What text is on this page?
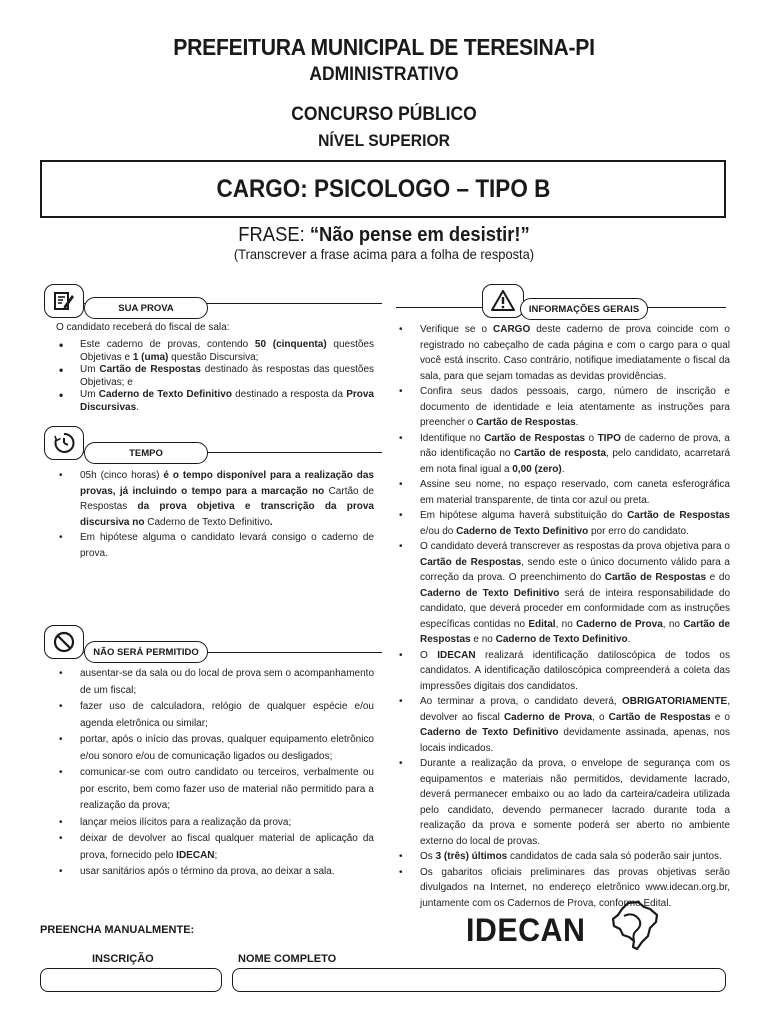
PREFEITURA MUNICIPAL DE TERESINA-PI
ADMINISTRATIVO
CONCURSO PÚBLICO
NÍVEL SUPERIOR
CARGO: PSICOLOGO – TIPO B
FRASE: “Não pense em desistir!”
(Transcrever a frase acima para a folha de resposta)
SUA PROVA
O candidato receberá do fiscal de sala:
• Este caderno de provas, contendo 50 (cinquenta) questões Objetivas e 1 (uma) questão Discursiva;
• Um Cartão de Respostas destinado às respostas das questões Objetivas; e
• Um Caderno de Texto Definitivo destinado a resposta da Prova Discursivas.
TEMPO
• 05h (cinco horas) é o tempo disponível para a realização das provas, já incluindo o tempo para a marcação no Cartão de Respostas da prova objetiva e transcrição da prova discursiva no Caderno de Texto Definitivo.
• Em hipótese alguma o candidato levará consigo o caderno de prova.
NÃO SERÁ PERMITIDO
• ausentar-se da sala ou do local de prova sem o acompanhamento de um fiscal;
• fazer uso de calculadora, relógio de qualquer espécie e/ou agenda eletrônica ou similar;
• portar, após o início das provas, qualquer equipamento eletrônico e/ou sonoro e/ou de comunicação ligados ou desligados;
• comunicar-se com outro candidato ou terceiros, verbalmente ou por escrito, bem como fazer uso de material não permitido para a realização da prova;
• lançar meios ilícitos para a realização da prova;
• deixar de devolver ao fiscal qualquer material de aplicação da prova, fornecido pelo IDECAN;
• usar sanitários após o término da prova, ao deixar a sala.
INFORMAÇÕES GERAIS
• Verifique se o CARGO deste caderno de prova coincide com o registrado no cabeçalho de cada página e com o cargo para o qual você está inscrito. Caso contrário, notifique imediatamente o fiscal da sala, para que sejam tomadas as devidas providências.
• Confira seus dados pessoais, cargo, número de inscrição e documento de identidade e leia atentamente as instruções para preencher o Cartão de Respostas.
• Identifique no Cartão de Respostas o TIPO de caderno de prova, a não identificação no Cartão de resposta, pelo candidato, acarretará em nota final igual a 0,00 (zero).
• Assine seu nome, no espaço reservado, com caneta esferográfica em material transparente, de tinta cor azul ou preta.
• Em hipótese alguma haverá substituição do Cartão de Respostas e/ou do Caderno de Texto Definitivo por erro do candidato.
• O candidato deverá transcrever as respostas da prova objetiva para o Cartão de Respostas, sendo este o único documento válido para a correção da prova. O preenchimento do Cartão de Respostas e do Caderno de Texto Definitivo será de inteira responsabilidade do candidato, que deverá proceder em conformidade com as instruções específicas contidas no Edital, no Caderno de Prova, no Cartão de Respostas e no Caderno de Texto Definitivo.
• O IDECAN realizará identificação datiloscópica de todos os candidatos. A identificação datiloscópica compreenderá a coleta das impressões digitais dos candidatos.
• Ao terminar a prova, o candidato deverá, OBRIGATORIAMENTE, devolver ao fiscal Caderno de Prova, o Cartão de Respostas e o Caderno de Texto Definitivo devidamente assinada, apenas, nos locais indicados.
• Durante a realização da prova, o envelope de segurança com os equipamentos e materiais não permitidos, devidamente lacrado, deverá permanecer embaixo ou ao lado da carteira/cadeira utilizada pelo candidato, devendo permanecer lacrado durante toda a realização da prova e somente poderá ser aberto no ambiente externo do local de provas.
• Os 3 (três) últimos candidatos de cada sala só poderão sair juntos.
• Os gabaritos oficiais preliminares das provas objetivas serão divulgados na Internet, no endereço eletrônico www.idecan.org.br, juntamente com os Cadernos de Prova, conforme Edital.
PREENCHA MANUALMENTE:
INSCRIÇÃO	NOME COMPLETO
IDECAN
